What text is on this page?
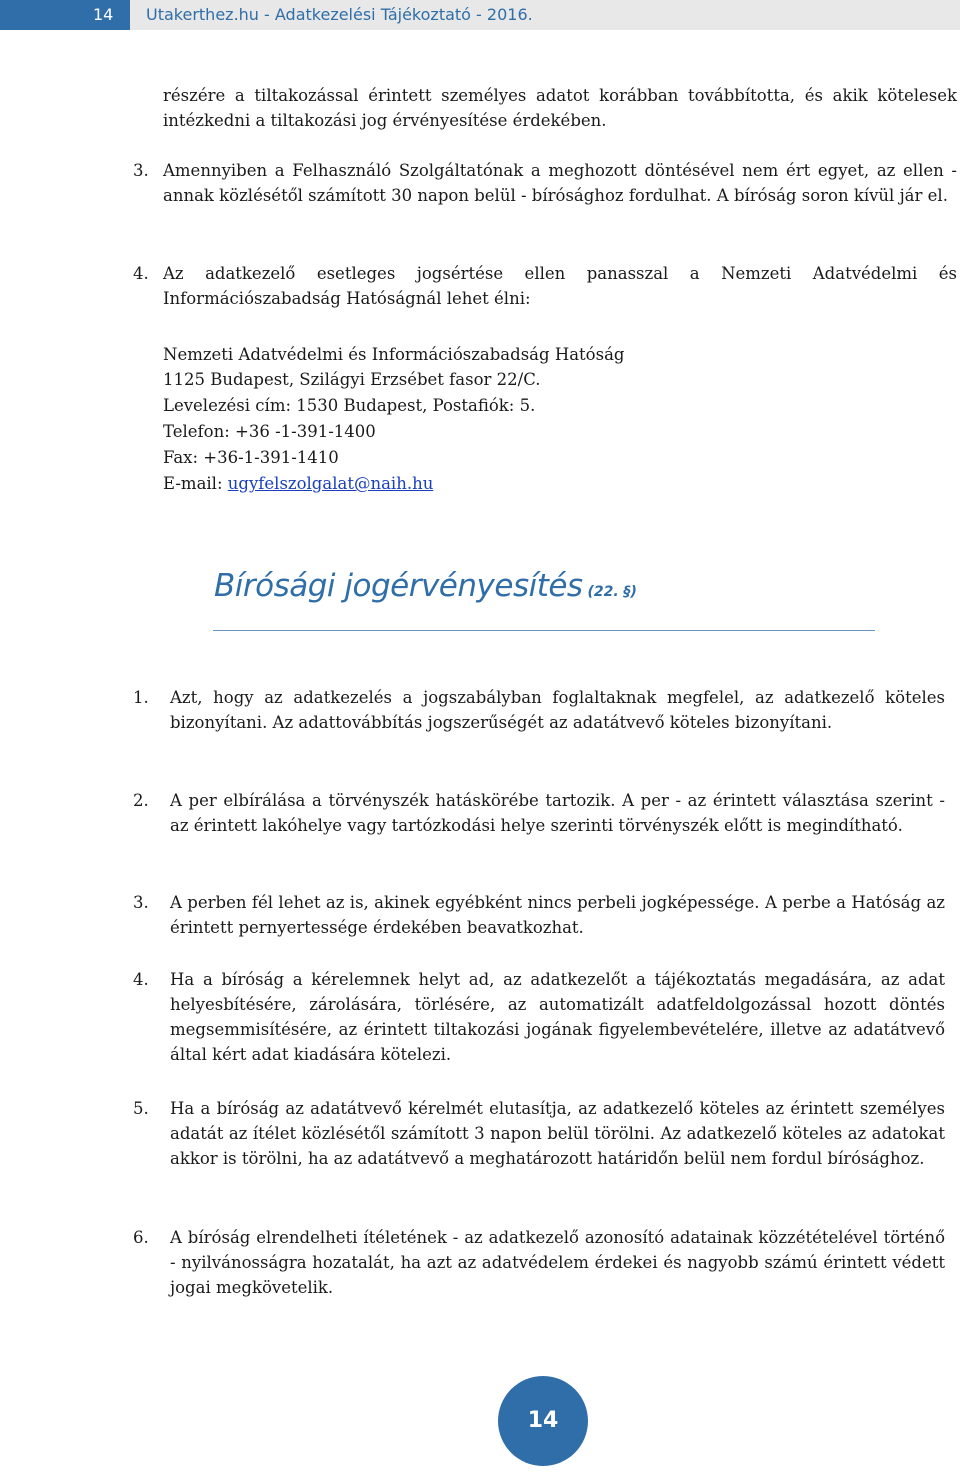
14	Utakerthez.hu - Adatkezelési Tájékoztató - 2016.
részére a tiltakozással érintett személyes adatot korábban továbbította, és akik kötelesek intézkedni a tiltakozási jog érvényesítése érdekében.
3. Amennyiben a Felhasználó Szolgáltatónak a meghozott döntésével nem ért egyet, az ellen - annak közlésétől számított 30 napon belül - bírósághoz fordulhat. A bíróság soron kívül jár el.
4. Az adatkezelő esetleges jogsértése ellen panasszal a Nemzeti Adatvédelmi és Információszabadság Hatóságnál lehet élni:
Nemzeti Adatvédelmi és Információszabadság Hatóság
1125 Budapest, Szilágyi Erzsébet fasor 22/C.
Levelezési cím: 1530 Budapest, Postafiók: 5.
Telefon: +36 -1-391-1400
Fax: +36-1-391-1410
E-mail: ugyfelszolgalat@naih.hu
Bírósági jogérvényesítés (22. §)
1. Azt, hogy az adatkezelés a jogszabályban foglaltaknak megfelel, az adatkezelő köteles bizonyítani. Az adattovábbítás jogszerűségét az adatátvevő köteles bizonyítani.
2. A per elbírálása a törvényszék hatáskörébe tartozik. A per - az érintett választása szerint - az érintett lakóhelye vagy tartózkodási helye szerinti törvényszék előtt is megindítható.
3. A perben fél lehet az is, akinek egyébként nincs perbeli jogképessége. A perbe a Hatóság az érintett pernyertessége érdekében beavatkozhat.
4. Ha a bíróság a kérelemnek helyt ad, az adatkezelőt a tájékoztatás megadására, az adat helyesbítésére, zárolására, törlésére, az automatizált adatfeldolgozással hozott döntés megsemmisítésére, az érintett tiltakozási jogának figyelembevételére, illetve az adatátvevő által kért adat kiadására kötelezi.
5. Ha a bíróság az adatátvevő kérelmét elutasítja, az adatkezelő köteles az érintett személyes adatát az ítélet közlésétől számított 3 napon belül törölni. Az adatkezelő köteles az adatokat akkor is törölni, ha az adatátvevő a meghatározott határidőn belül nem fordul bírósághoz.
6. A bíróság elrendelheti ítéletének - az adatkezelő azonosító adatainak közzétételével történő - nyilvánosságra hozatalát, ha azt az adatvédelem érdekei és nagyobb számú érintett védett jogai megkövetelik.
14
